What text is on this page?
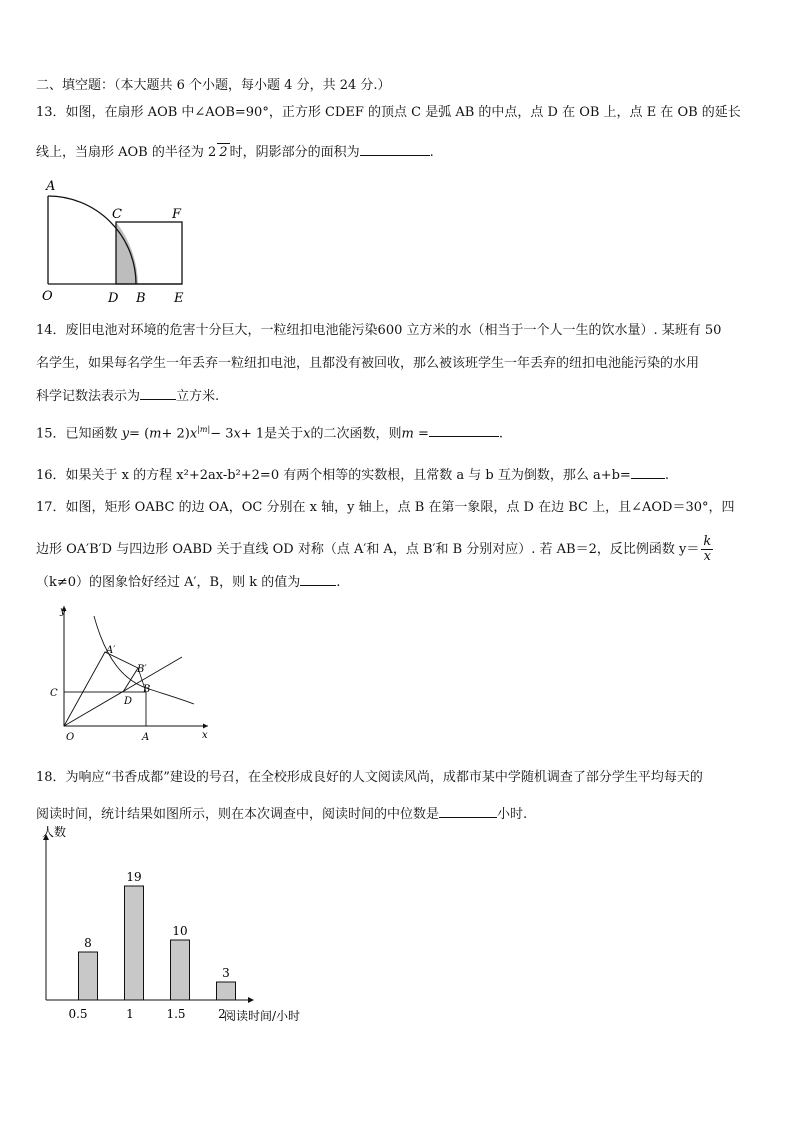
二、填空题：（本大题共 6 个小题，每小题 4 分，共 24 分.）
13．如图，在扇形 AOB 中∠AOB=90°，正方形 CDEF 的顶点 C 是弧 AB 的中点，点 D 在 OB 上，点 E 在 OB 的延长
线上，当扇形 AOB 的半径为 2 2 时，阴影部分的面积为	.
A
C	F
O	D B E
14．废旧电池对环境的危害十分巨大，一粒纽扣电池能污染600 立方米的水（相当于一个人一生的饮水量）. 某班有 50
名学生，如果每名学生一年丢弃一粒纽扣电池，且都没有被回收，那么被该班学生一年丢弃的纽扣电池能污染的水用
科学记数法表示为	立方米.
15．已知函数 $y= (m+ 2)x^{|m|}- 3x+ 1$是关于x的二次函数，则m =	.
16．如果关于 x 的方程 x²+2ax-b²+2=0 有两个相等的实数根，且常数 a 与 b 互为倒数，那么 a+b=	.
17．如图，矩形 OABC 的边 OA，OC 分别在 x 轴，y 轴上，点 B 在第一象限，点 D 在边 BC 上，且∠AOD＝30°，四
边形 OA′B′D 与四边形 OABD 关于直线 OD 对称（点 A′和 A，点 B′和 B 分别对应）. 若 AB＝2，反比例函数 $y= \frac{k}{x}$
（k≠0）的图象恰好经过 A′，B，则 k 的值为	.
y
x
O	A
C
D
B
A′
B′
18．为响应“书香成都”建设的号召，在全校形成良好的人文阅读风尚，成都市某中学随机调查了部分学生平均每天的
阅读时间，统计结果如图所示，则在本次调查中，阅读时间的中位数是	小时.
人数
阅读时间/小时
8
0.5
19
1
10
1.5
3
2
